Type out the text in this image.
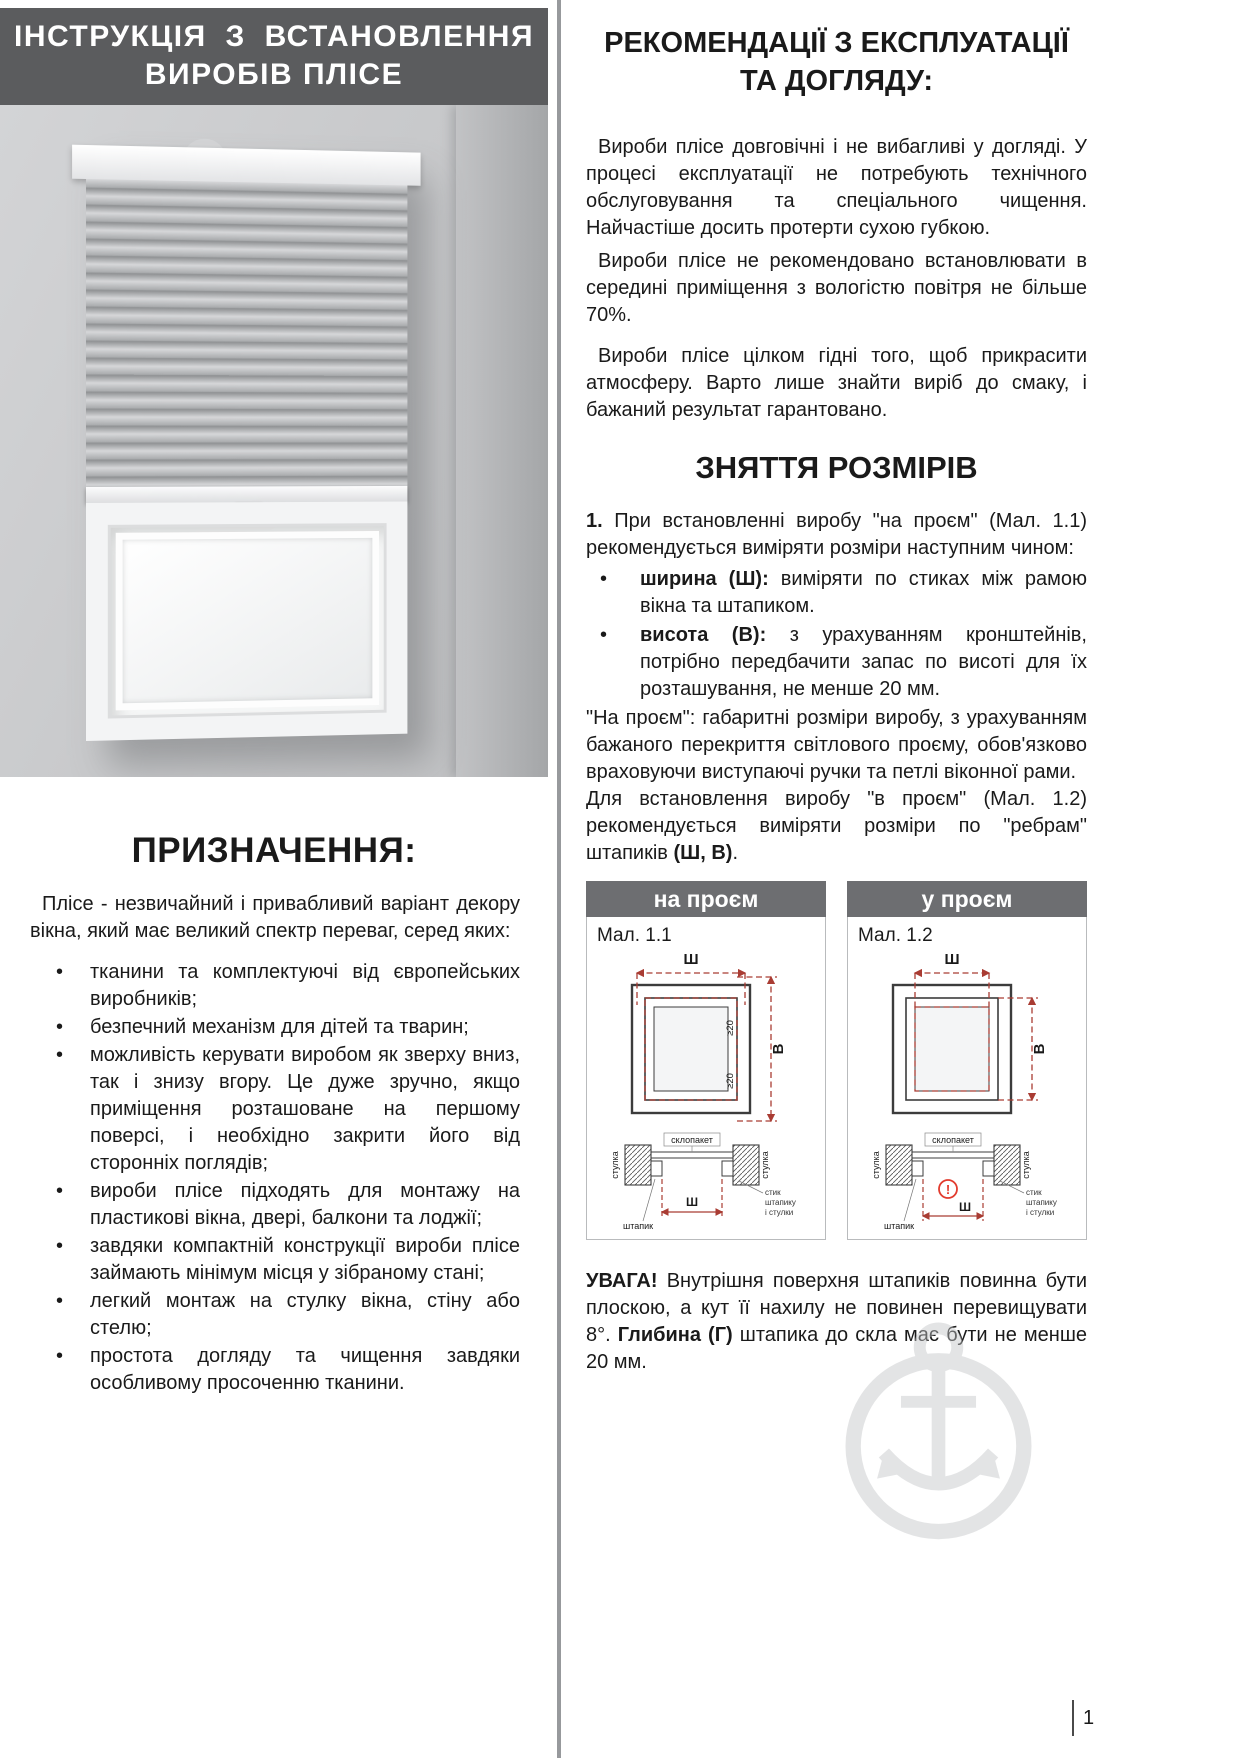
ІНСТРУКЦІЯ З ВСТАНОВЛЕННЯ
ВИРОБІВ ПЛІСЕ
ПРИЗНАЧЕННЯ:

Плісе - незвичайний і привабливий варіант декору вікна, який має великий спектр переваг, серед яких:

• тканини та комплектуючі від європейських виробників;
• безпечний механізм для дітей та тварин;
• можливість керувати виробом як зверху вниз, так і знизу вгору. Це дуже зручно, якщо приміщення розташоване на першому поверсі, і необхідно закрити його від сторонніх поглядів;
• вироби плісе підходять для монтажу на пластикові вікна, двері, балкони та лоджії;
• завдяки компактній конструкції вироби плісе займають мінімум місця у зібраному стані;
• легкий монтаж на стулку вікна, стіну або стелю;
• простота догляду та чищення завдяки особливому просоченню тканини.
РЕКОМЕНДАЦІЇ З ЕКСПЛУАТАЦІЇ
ТА ДОГЛЯДУ:

Вироби плісе довговічні і не вибагливі у догляді. У процесі експлуатації не потребують технічного обслуговування та спеціального чищення. Найчастіше досить протерти сухою губкою.

Вироби плісе не рекомендовано встановлювати в середині приміщення з вологістю повітря не більше 70%.

Вироби плісе цілком гідні того, щоб прикрасити атмосферу. Варто лише знайти виріб до смаку, і бажаний результат гарантовано.

ЗНЯТТЯ РОЗМІРІВ

1. При встановленні виробу "на проєм" (Мал. 1.1) рекомендується виміряти розміри наступним чином:

• ширина (Ш): виміряти по стиках між рамою вікна та штапиком.
• висота (В): з урахуванням кронштейнів, потрібно передбачити запас по висоті для їх розташування, не менше 20 мм.

"На проєм": габаритні розміри виробу, з урахуванням бажаного перекриття світлового проєму, обов'язково враховуючи виступаючі ручки та петлі віконної рами.

Для встановлення виробу "в проєм" (Мал. 1.2) рекомендується виміряти розміри по "ребрам" штапиків (Ш, В).

на проєм
Мал. 1.1
Ш
В
≥20
≥20
склопакет
стулка	стулка
Ш
штапик
стик
штапику
і стулки
у проєм
Мал. 1.2
Ш
В
склопакет
стулка	стулка
!
Ш
штапик
стик
штапику
і стулки

УВАГА! Внутрішня поверхня штапиків повинна бути плоскою, а кут її нахилу не повинен перевищувати 8°. Глибина (Г) штапика до скла має бути не менше 20 мм.

1
